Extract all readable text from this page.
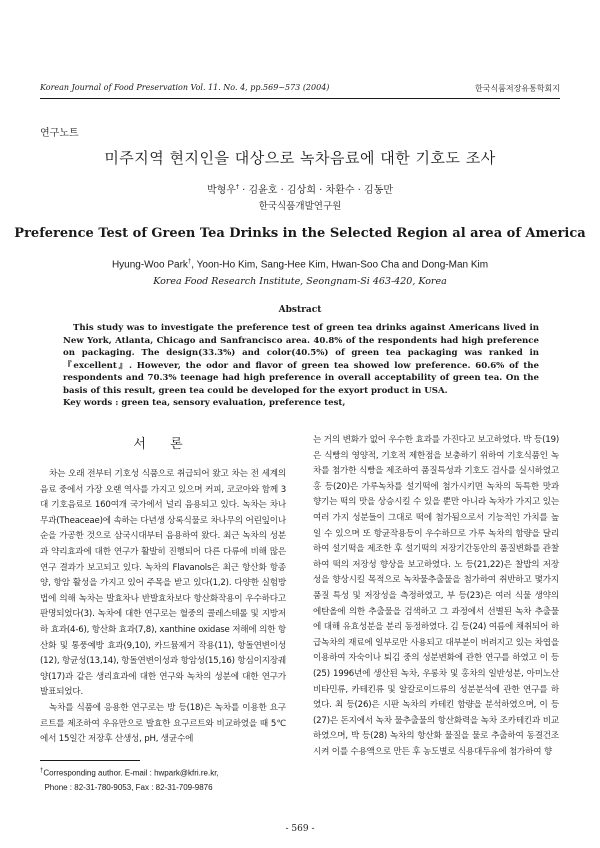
Korean Journal of Food Preservation Vol. 11. No. 4, pp.569~573 (2004)	한국식품저장유통학회지
연구노트
미주지역 현지인을 대상으로 녹차음료에 대한 기호도 조사
박형우† · 김윤호 · 김상희 · 차환수 · 김동만
한국식품개발연구원
Preference Test of Green Tea Drinks in the Selected Region al area of America
Hyung-Woo Park†, Yoon-Ho Kim, Sang-Hee Kim, Hwan-Soo Cha and Dong-Man Kim
Korea Food Research Institute, Seongnam-Si 463-420, Korea
Abstract
This study was to investigate the preference test of green tea drinks against Americans lived in New York, Atlanta, Chicago and Sanfrancisco area. 40.8% of the respondents had high preference on packaging. The design(33.3%) and color(40.5%) of green tea packaging was ranked in 『excellent』. However, the odor and flavor of green tea showed low preference. 60.6% of the respondents and 70.3% teenage had high preference in overall acceptability of green tea. On the basis of this result, green tea could be developed for the exyort product in USA.
Key words : green tea, sensory evaluation, preference test,
서 론

차는 오래 전부터 기호성 식품으로 취급되어 왔고 차는 전 세계의 음료 중에서 가장 오랜 역사를 가지고 있으며 커피, 코코아와 함께 3대 기호음료로 160여개 국가에서 널리 음용되고 있다. 녹차는 차나무과(Theaceae)에 속하는 다년생 상록식물로 차나무의 어린잎이나 순을 가공한 것으로 삼국시대부터 음용하여 왔다. 최근 녹차의 성분과 약리효과에 대한 연구가 활발히 진행되어 다른 다류에 비해 많은 연구 결과가 보고되고 있다. 녹차의 Flavanols은 최근 항산화 항종양, 항암 활성을 가지고 있어 주목을 받고 있다(1,2). 다양한 실험방법에 의해 녹차는 발효차나 반발효차보다 항산화작용이 우수하다고 판명되었다(3). 녹차에 대한 연구로는 혈중의 콜레스테롤 및 지방저하 효과(4-6), 항산화 효과(7,8), xanthine oxidase 저해에 의한 항산화 및 통풍예방 효과(9,10), 카드뮴제거 작용(11), 항돌연변이성 (12), 항균성(13,14), 항돌연변이성과 항암성(15,16) 항심이지장궤양(17)과 같은 생리효과에 대한 연구와 녹차의 성분에 대한 연구가 발표되었다.

녹차를 식품에 응용한 연구로는 방 등(18)은 녹차를 이용한 요구르트를 제조하여 우유만으로 발효한 요구르트와 비교하였을 때 5℃에서 15일간 저장후 산생성, pH, 생균수에

는 거의 변화가 없어 우수한 효과를 가진다고 보고하였다. 박 등(19)은 식빵의 영양적, 기호적 제한점을 보충하기 위하여 기호식품인 녹차를 첨가한 식빵을 제조하여 품질특성과 기호도 검사를 실시하였고 홍 등(20)은 가루녹차를 설기떡에 첨가시키면 녹차의 독특한 맛과 향기는 떡의 맛을 상승시킬 수 있을 뿐만 아니라 녹차가 가지고 있는 여러 가지 성분들이 그대로 떡에 첨가됨으로서 기능적인 가치를 높일 수 있으며 또 항균작용등이 우수하므로 가루 녹차의 함량을 달리하여 설기떡을 제조한 후 설기떡의 저장기간동안의 품질변화를 관찰하여 떡의 저장성 향상을 보고하였다. 노 등(21,22)은 찰밥의 저장성을 향상시킬 목적으로 녹차물추출물을 첨가하여 취반하고 몇가지 품질 특성 및 저장성을 측정하였고, 부 등(23)은 여러 식물 생약의 에탄올에 의한 추출물을 검색하고 그 과정에서 선별된 녹차 추출물에 대해 유효성분을 분리 동정하였다. 김 등(24) 여름에 채취되어 하급녹차의 재료에 일부로만 사용되고 대부분이 버려지고 있는 차엽을 이용하여 자숙이나 퇴김 중의 성분변화에 관한 연구를 하였고 이 등(25) 1996년에 생산된 녹차, 우롱차 및 홍차의 일반성분, 아미노산 비타민류, 카테킨류 및 알칼로이드류의 성분분석에 관한 연구를 하였다. 최 등(26)은 시판 녹차의 카테킨 함량을 분석하였으며, 이 등(27)은 돈지에서 녹차 물추출물의 항산화력을 녹차 조카테킨과 비교하였으며, 박 등(28) 녹차의 항산화 물질을 물로 추출하여 동결건조시켜 이를 수용액으로 만든 후 농도별로 식용대두유에 첨가하여 향

†Corresponding author. E-mail : hwpark@kfri.re.kr,
Phone : 82-31-780-9053, Fax : 82-31-709-9876
- 569 -
